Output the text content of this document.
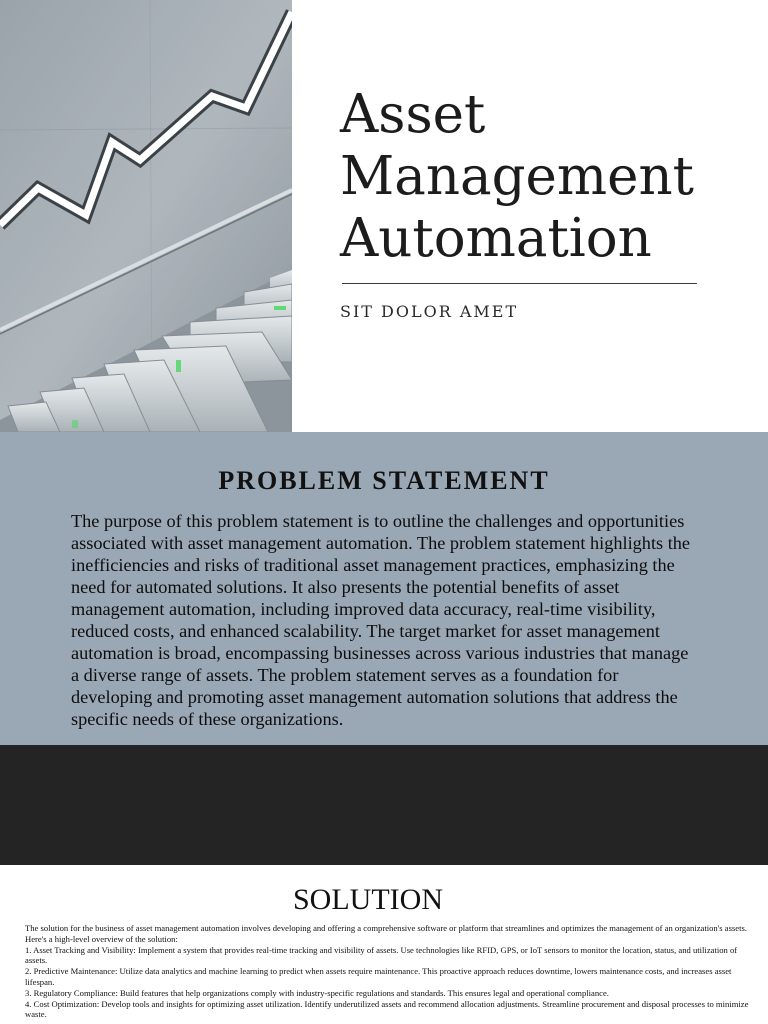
Asset
Management
Automation

SIT DOLOR AMET

PROBLEM STATEMENT

The purpose of this problem statement is to outline the challenges and opportunities associated with asset management automation. The problem statement highlights the inefficiencies and risks of traditional asset management practices, emphasizing the need for automated solutions. It also presents the potential benefits of asset management automation, including improved data accuracy, real-time visibility, reduced costs, and enhanced scalability. The target market for asset management automation is broad, encompassing businesses across various industries that manage a diverse range of assets. The problem statement serves as a foundation for developing and promoting asset management automation solutions that address the specific needs of these organizations.

SOLUTION

The solution for the business of asset management automation involves developing and offering a comprehensive software or platform that streamlines and optimizes the management of an organization's assets. Here's a high-level overview of the solution:

1. Asset Tracking and Visibility: Implement a system that provides real-time tracking and visibility of assets. Use technologies like RFID, GPS, or IoT sensors to monitor the location, status, and utilization of assets.

2. Predictive Maintenance: Utilize data analytics and machine learning to predict when assets require maintenance. This proactive approach reduces downtime, lowers maintenance costs, and increases asset lifespan.

3. Regulatory Compliance: Build features that help organizations comply with industry-specific regulations and standards. This ensures legal and operational compliance.

4. Cost Optimization: Develop tools and insights for optimizing asset utilization. Identify underutilized assets and recommend allocation adjustments. Streamline procurement and disposal processes to minimize waste.
